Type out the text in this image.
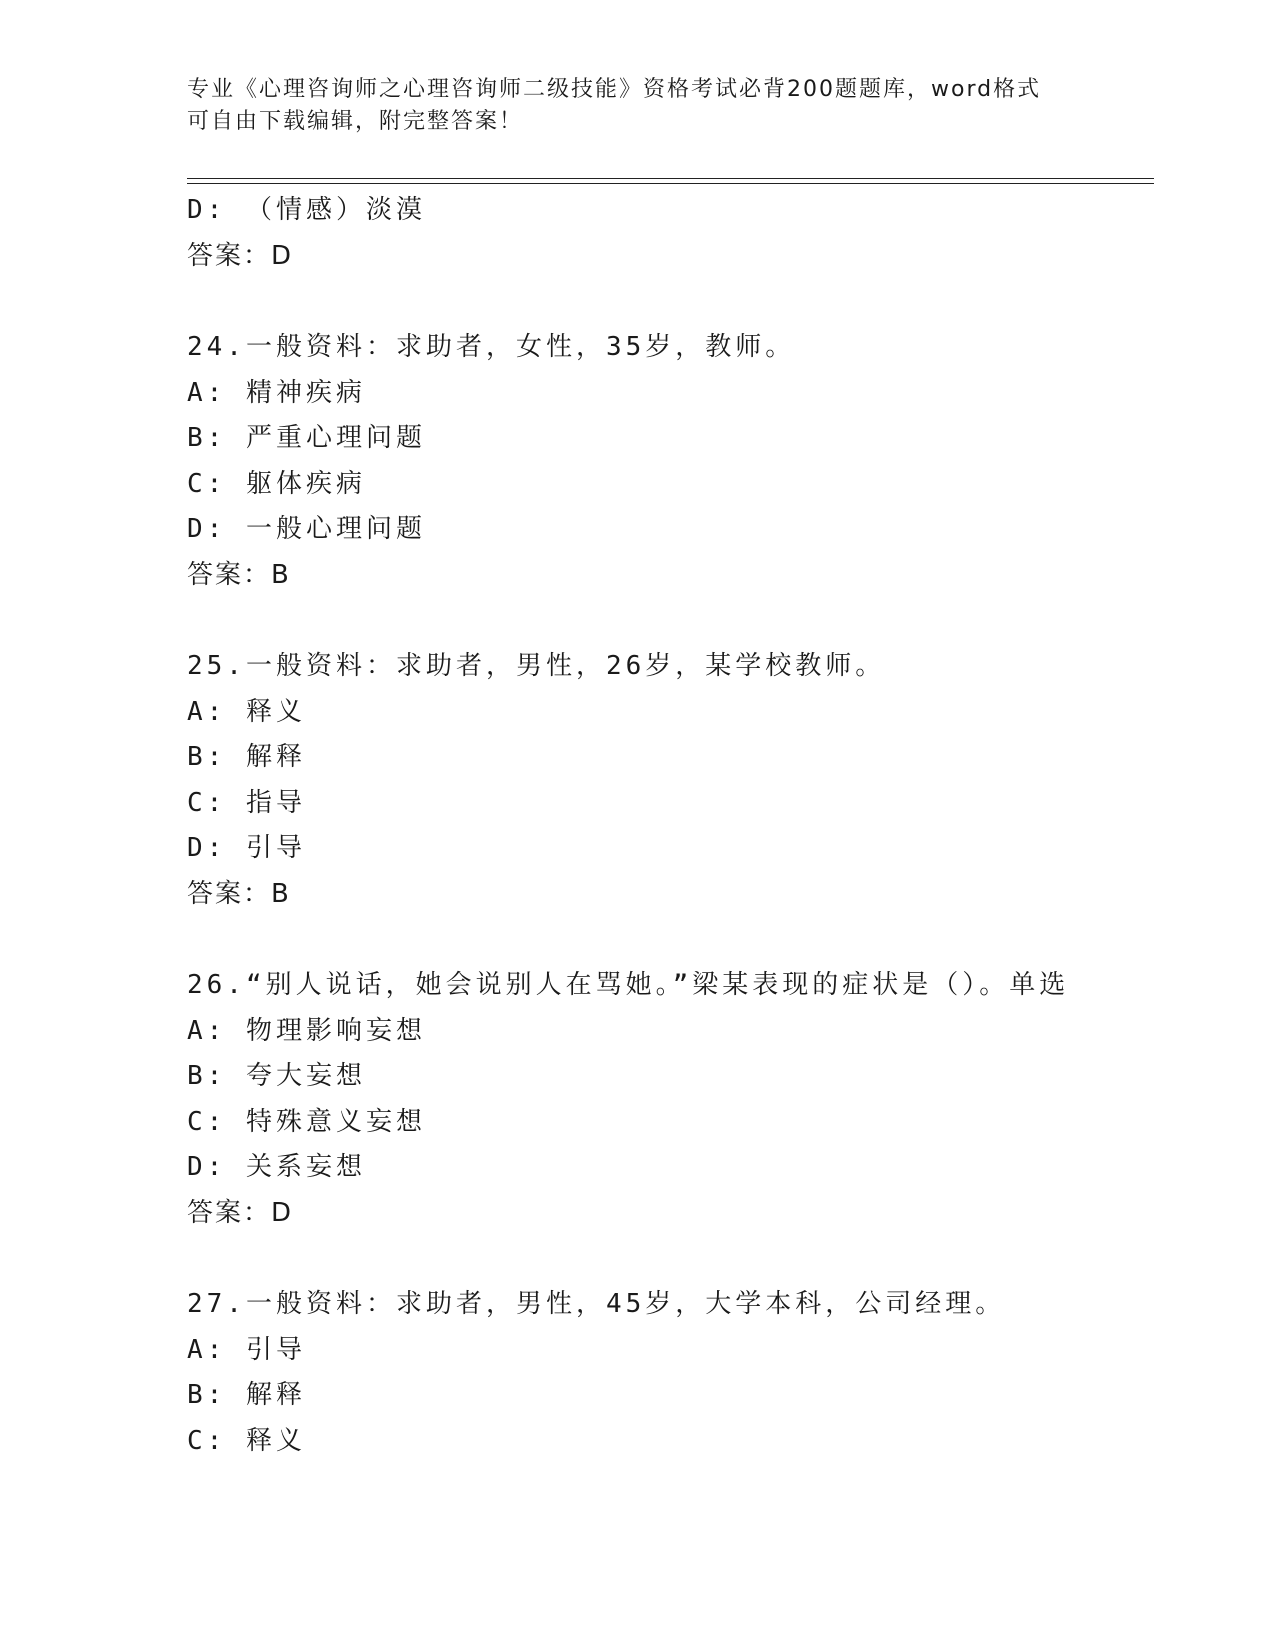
专业《心理咨询师之心理咨询师二级技能》资格考试必背200题题库，word格式
可自由下载编辑，附完整答案！
D: （情感）淡漠
答案：D
24.一般资料：求助者，女性，35岁，教师。
A: 精神疾病
B: 严重心理问题
C: 躯体疾病
D: 一般心理问题
答案：B
25.一般资料：求助者，男性，26岁，某学校教师。
A: 释义
B: 解释
C: 指导
D: 引导
答案：B
26.“别人说话，她会说别人在骂她。”梁某表现的症状是（）。单选
A: 物理影响妄想
B: 夸大妄想
C: 特殊意义妄想
D: 关系妄想
答案：D
27.一般资料：求助者，男性，45岁，大学本科，公司经理。
A: 引导
B: 解释
C: 释义
